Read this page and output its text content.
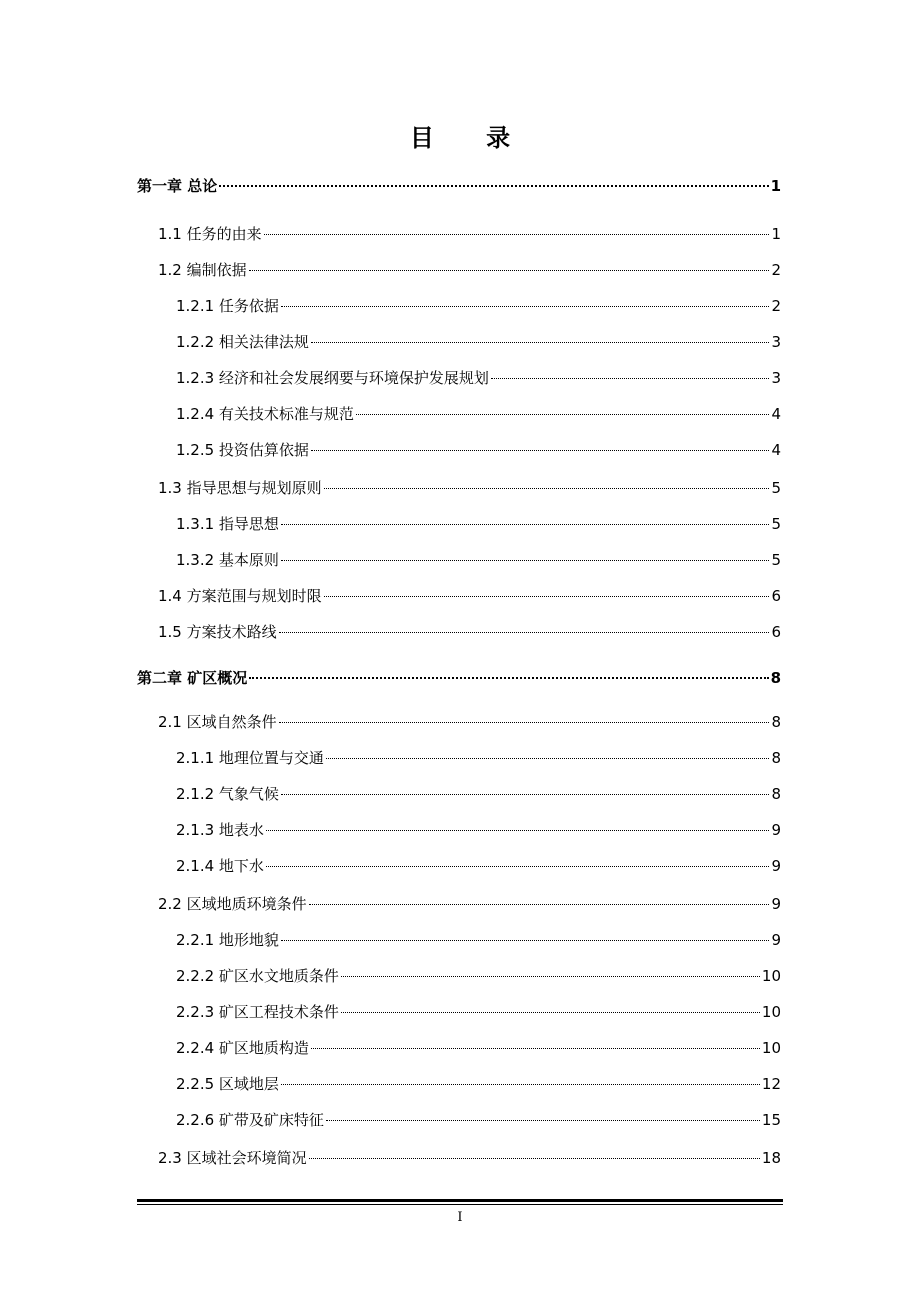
目 录
第一章 总论	1
1.1 任务的由来	1
1.2 编制依据	2
1.2.1 任务依据	2
1.2.2 相关法律法规	3
1.2.3 经济和社会发展纲要与环境保护发展规划	3
1.2.4 有关技术标准与规范	4
1.2.5 投资估算依据	4
1.3 指导思想与规划原则	5
1.3.1 指导思想	5
1.3.2 基本原则	5
1.4 方案范围与规划时限	6
1.5 方案技术路线	6
第二章 矿区概况	8
2.1 区域自然条件	8
2.1.1 地理位置与交通	8
2.1.2 气象气候	8
2.1.3 地表水	9
2.1.4 地下水	9
2.2 区域地质环境条件	9
2.2.1 地形地貌	9
2.2.2 矿区水文地质条件	10
2.2.3 矿区工程技术条件	10
2.2.4 矿区地质构造	10
2.2.5 区域地层	12
2.2.6 矿带及矿床特征	15
2.3 区域社会环境简况	18
I
